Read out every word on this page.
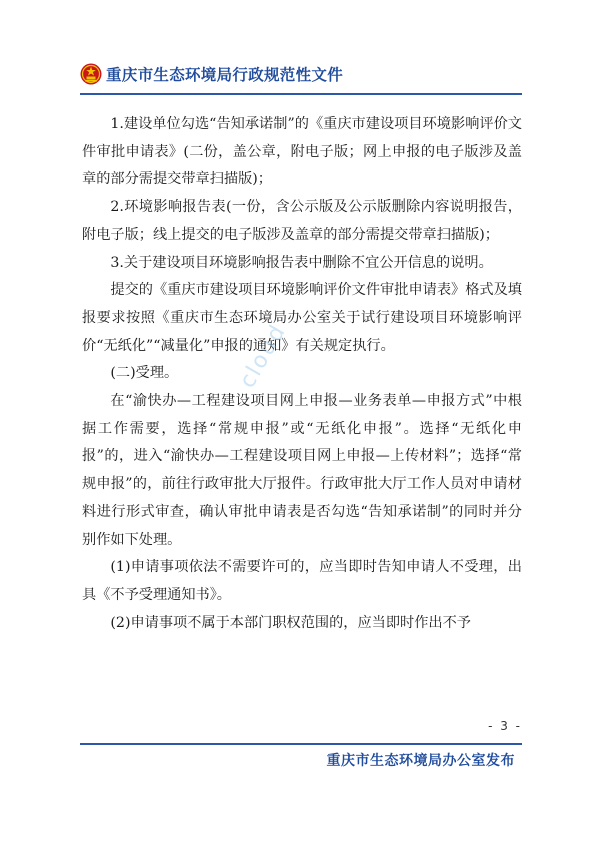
重庆市生态环境局行政规范性文件

1.建设单位勾选“告知承诺制”的《重庆市建设项目环境影响评价文件审批申请表》(二份，盖公章，附电子版；网上申报的电子版涉及盖章的部分需提交带章扫描版)；

2.环境影响报告表(一份，含公示版及公示版删除内容说明报告，附电子版；线上提交的电子版涉及盖章的部分需提交带章扫描版)；

3.关于建设项目环境影响报告表中删除不宜公开信息的说明。

提交的《重庆市建设项目环境影响评价文件审批申请表》格式及填报要求按照《重庆市生态环境局办公室关于试行建设项目环境影响评价“无纸化”“减量化”申报的通知》有关规定执行。

(二)受理。

在“渝快办—工程建设项目网上申报—业务表单—申报方式”中根据工作需要，选择“常规申报”或“无纸化申报”。选择“无纸化申报”的，进入“渝快办—工程建设项目网上申报—上传材料”；选择“常规申报”的，前往行政审批大厅报件。行政审批大厅工作人员对申请材料进行形式审查，确认审批申请表是否勾选“告知承诺制”的同时并分别作如下处理。

(1)申请事项依法不需要许可的，应当即时告知申请人不受理，出具《不予受理通知书》。

(2)申请事项不属于本部门职权范围的，应当即时作出不予

cloud
- 3 -
重庆市生态环境局办公室发布
